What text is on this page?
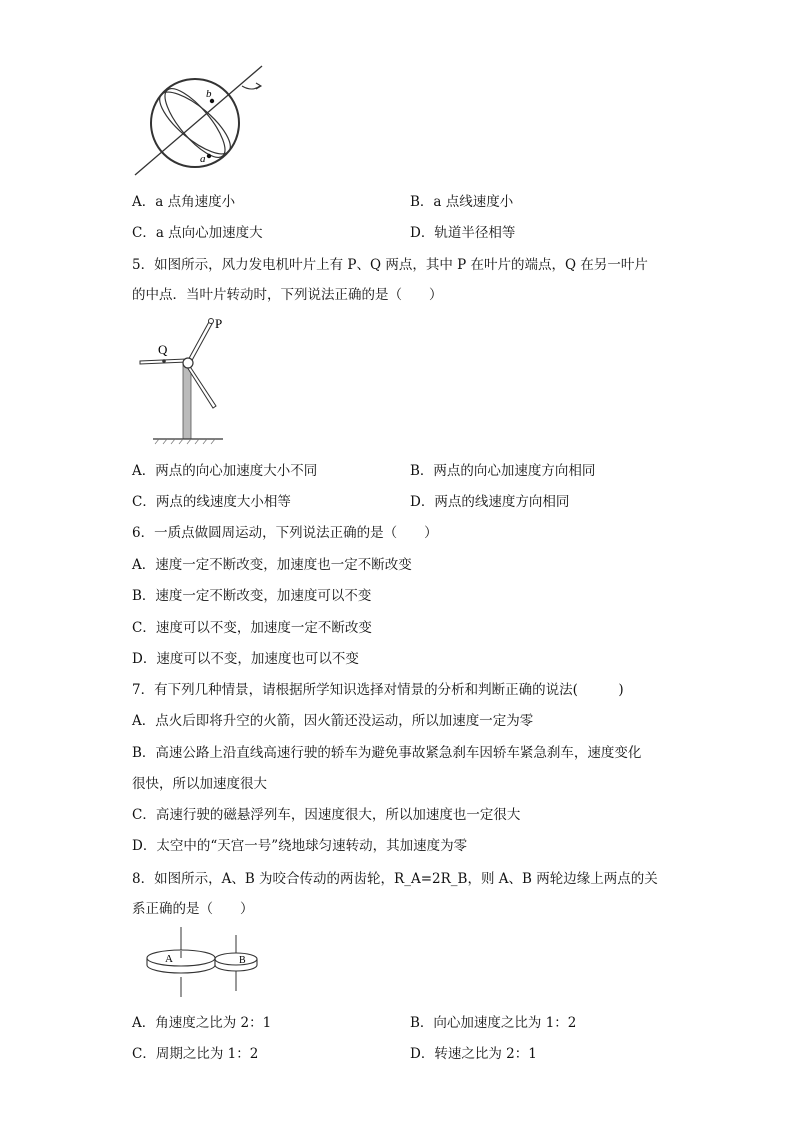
b
a
A．a 点角速度小	B．a 点线速度小
C．a 点向心加速度大	D．轨道半径相等
5．如图所示，风力发电机叶片上有 P、Q 两点，其中 P 在叶片的端点，Q 在另一叶片
的中点．当叶片转动时，下列说法正确的是（　　）
P
Q
A．两点的向心加速度大小不同	B．两点的向心加速度方向相同
C．两点的线速度大小相等	D．两点的线速度方向相同
6．一质点做圆周运动，下列说法正确的是（　　）
A．速度一定不断改变，加速度也一定不断改变
B．速度一定不断改变，加速度可以不变
C．速度可以不变，加速度一定不断改变
D．速度可以不变，加速度也可以不变
7．有下列几种情景，请根据所学知识选择对情景的分析和判断正确的说法(　　　)
A．点火后即将升空的火箭，因火箭还没运动，所以加速度一定为零
B．高速公路上沿直线高速行驶的轿车为避免事故紧急刹车因轿车紧急刹车，速度变化
很快，所以加速度很大
C．高速行驶的磁悬浮列车，因速度很大，所以加速度也一定很大
D．太空中的“天宫一号”绕地球匀速转动，其加速度为零
8．如图所示，A、B 为咬合传动的两齿轮，R_A=2R_B，则 A、B 两轮边缘上两点的关
系正确的是（　　）
A	B
A．角速度之比为 2：1	B．向心加速度之比为 1：2
C．周期之比为 1：2	D．转速之比为 2：1
